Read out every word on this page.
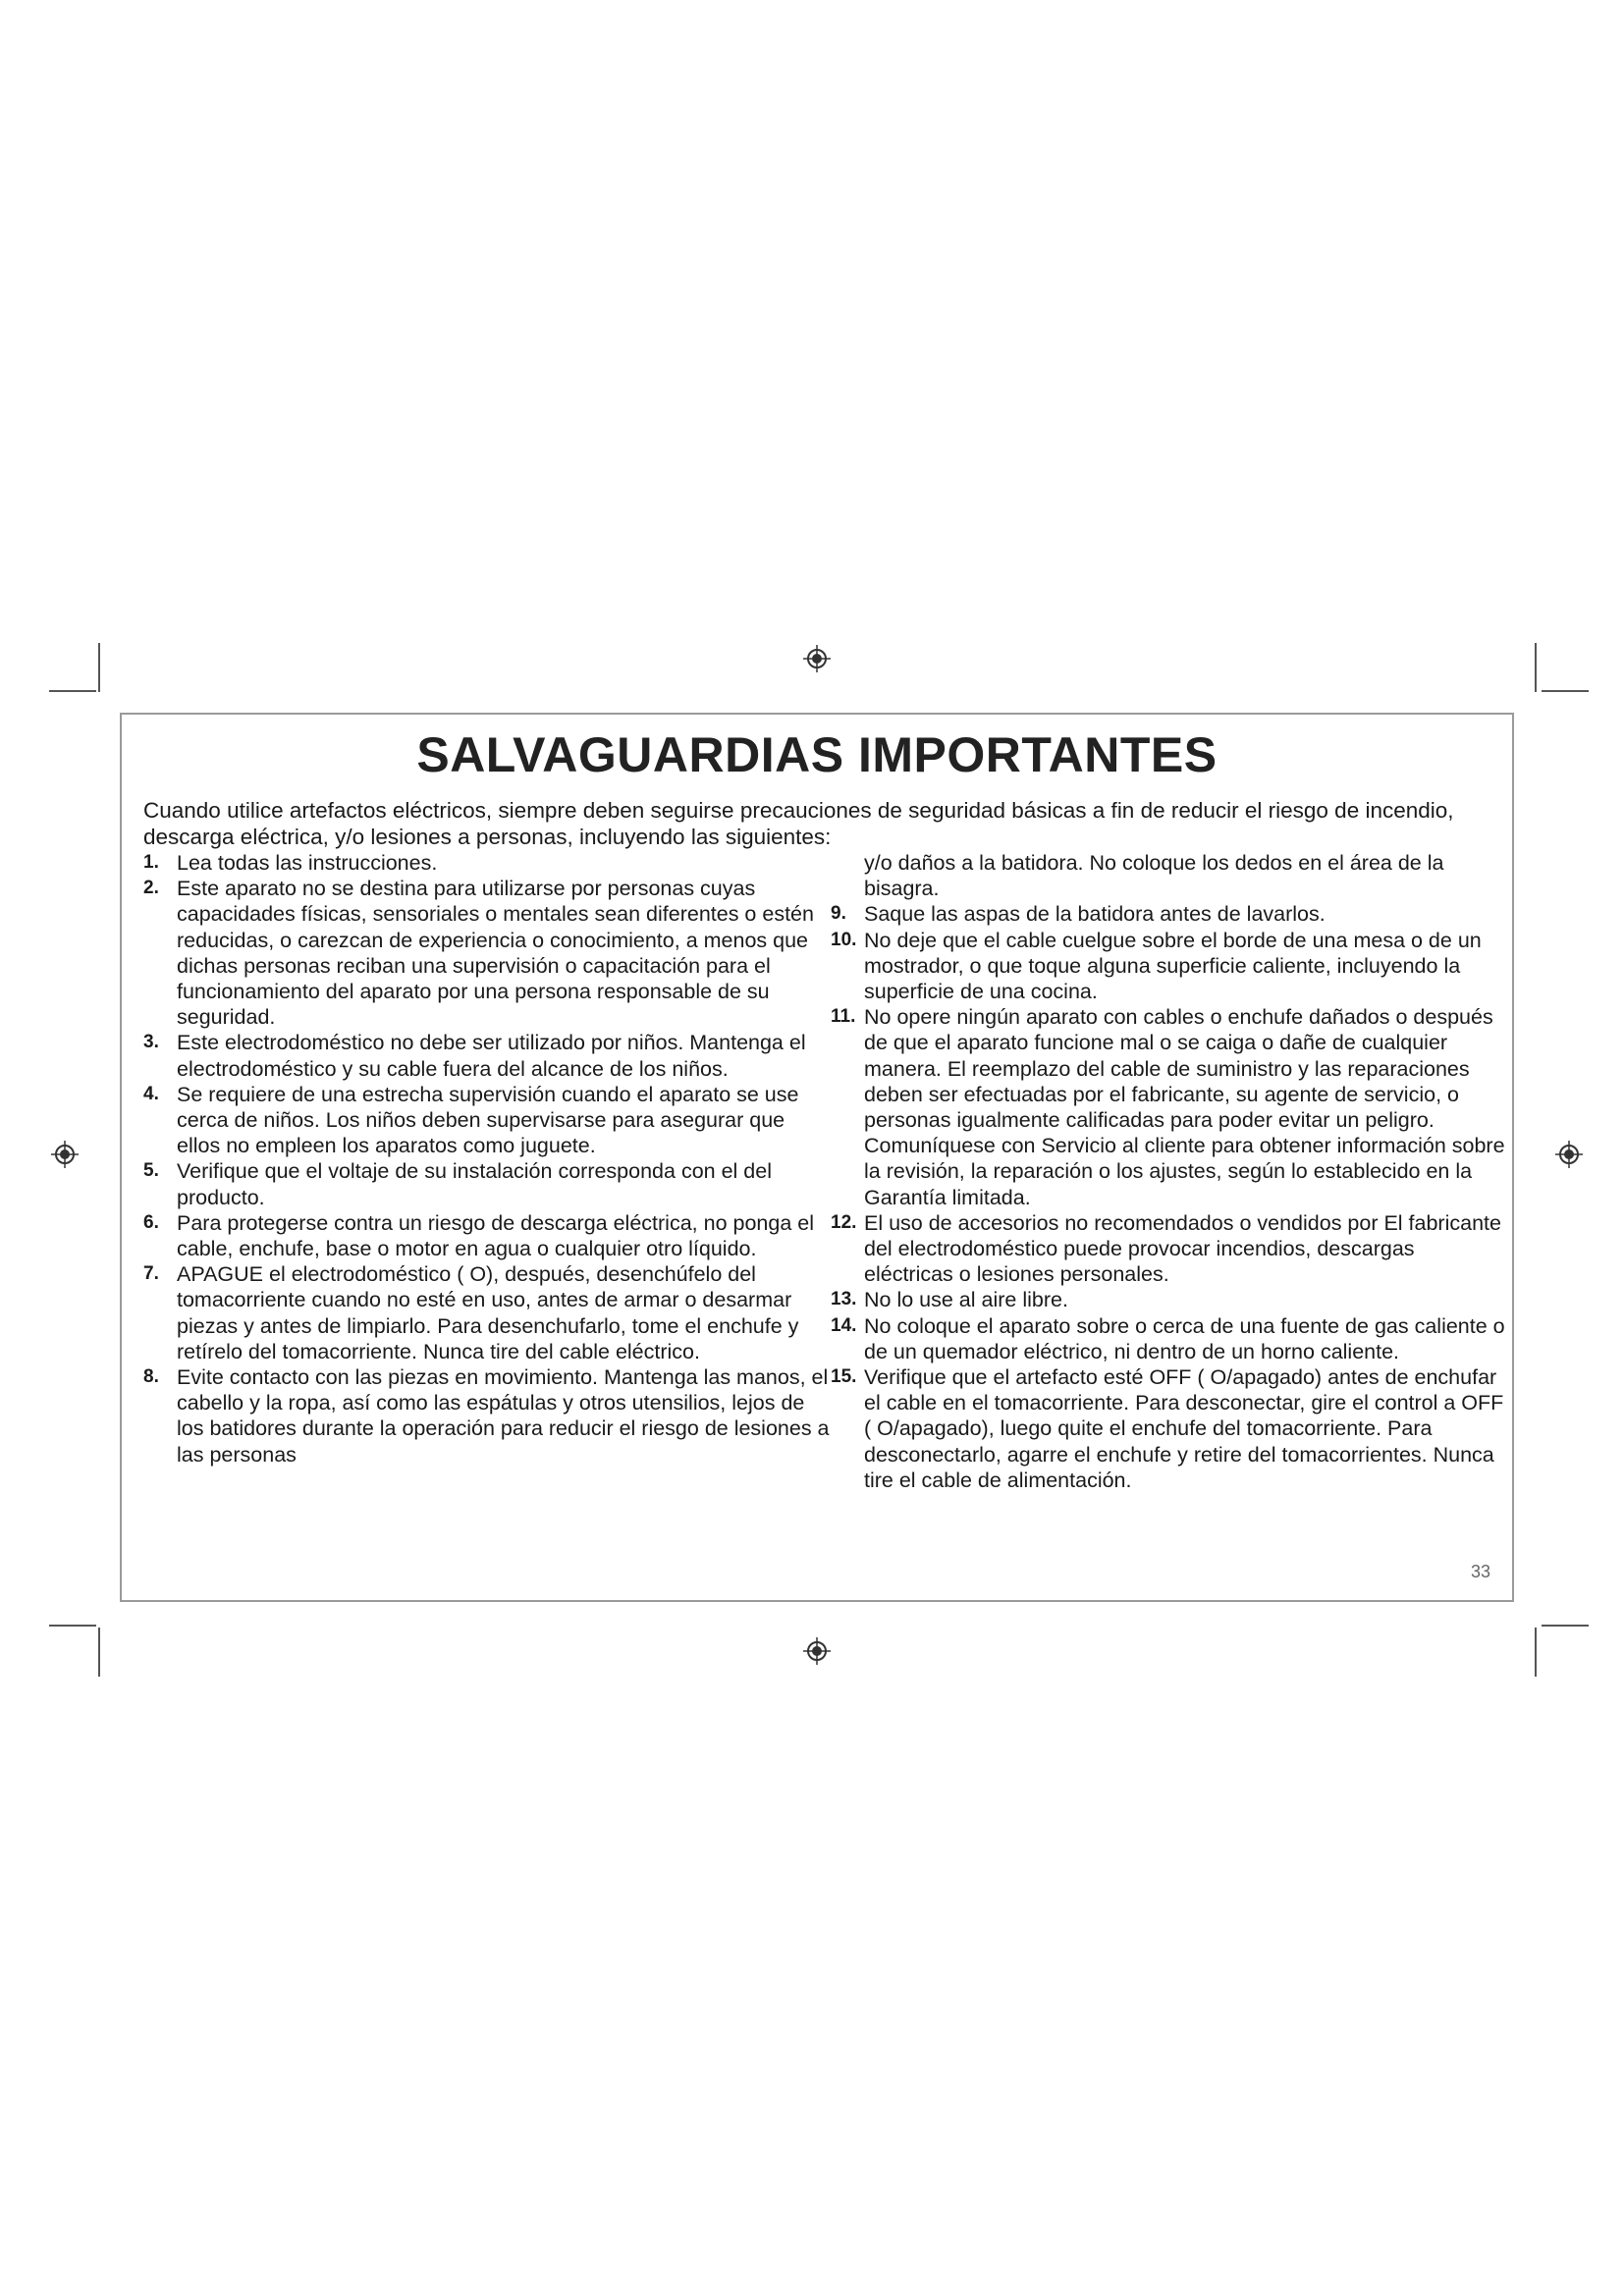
SALVAGUARDIAS IMPORTANTES

Cuando utilice artefactos eléctricos, siempre deben seguirse precauciones de seguridad básicas a fin de reducir el riesgo de incendio, descarga eléctrica, y/o lesiones a personas, incluyendo las siguientes:

1. Lea todas las instrucciones.
2. Este aparato no se destina para utilizarse por personas cuyas capacidades físicas, sensoriales o mentales sean diferentes o estén reducidas, o carezcan de experiencia o conocimiento, a menos que dichas personas reciban una supervisión o capacitación para el funcionamiento del aparato por una persona responsable de su seguridad.
3. Este electrodoméstico no debe ser utilizado por niños. Mantenga el electrodoméstico y su cable fuera del alcance de los niños.
4. Se requiere de una estrecha supervisión cuando el aparato se use cerca de niños. Los niños deben supervisarse para asegurar que ellos no empleen los aparatos como juguete.
5. Verifique que el voltaje de su instalación corresponda con el del producto.
6. Para protegerse contra un riesgo de descarga eléctrica, no ponga el cable, enchufe, base o motor en agua o cualquier otro líquido.
7. APAGUE el electrodoméstico ( O), después, desenchúfelo del tomacorriente cuando no esté en uso, antes de armar o desarmar piezas y antes de limpiarlo. Para desenchufarlo, tome el enchufe y retírelo del tomacorriente. Nunca tire del cable eléctrico.
8. Evite contacto con las piezas en movimiento. Mantenga las manos, el cabello y la ropa, así como las espátulas y otros utensilios, lejos de los batidores durante la operación para reducir el riesgo de lesiones a las personas
y/o daños a la batidora. No coloque los dedos en el área de la bisagra.
9. Saque las aspas de la batidora antes de lavarlos.
10. No deje que el cable cuelgue sobre el borde de una mesa o de un mostrador, o que toque alguna superficie caliente, incluyendo la superficie de una cocina.
11. No opere ningún aparato con cables o enchufe dañados o después de que el aparato funcione mal o se caiga o dañe de cualquier manera. El reemplazo del cable de suministro y las reparaciones deben ser efectuadas por el fabricante, su agente de servicio, o personas igualmente calificadas para poder evitar un peligro. Comuníquese con Servicio al cliente para obtener información sobre la revisión, la reparación o los ajustes, según lo establecido en la Garantía limitada.
12. El uso de accesorios no recomendados o vendidos por El fabricante del electrodoméstico puede provocar incendios, descargas eléctricas o lesiones personales.
13. No lo use al aire libre.
14. No coloque el aparato sobre o cerca de una fuente de gas caliente o de un quemador eléctrico, ni dentro de un horno caliente.
15. Verifique que el artefacto esté OFF ( O/apagado) antes de enchufar el cable en el tomacorriente. Para desconectar, gire el control a OFF ( O/apagado), luego quite el enchufe del tomacorriente. Para desconectarlo, agarre el enchufe y retire del tomacorrientes. Nunca tire el cable de alimentación.
33
